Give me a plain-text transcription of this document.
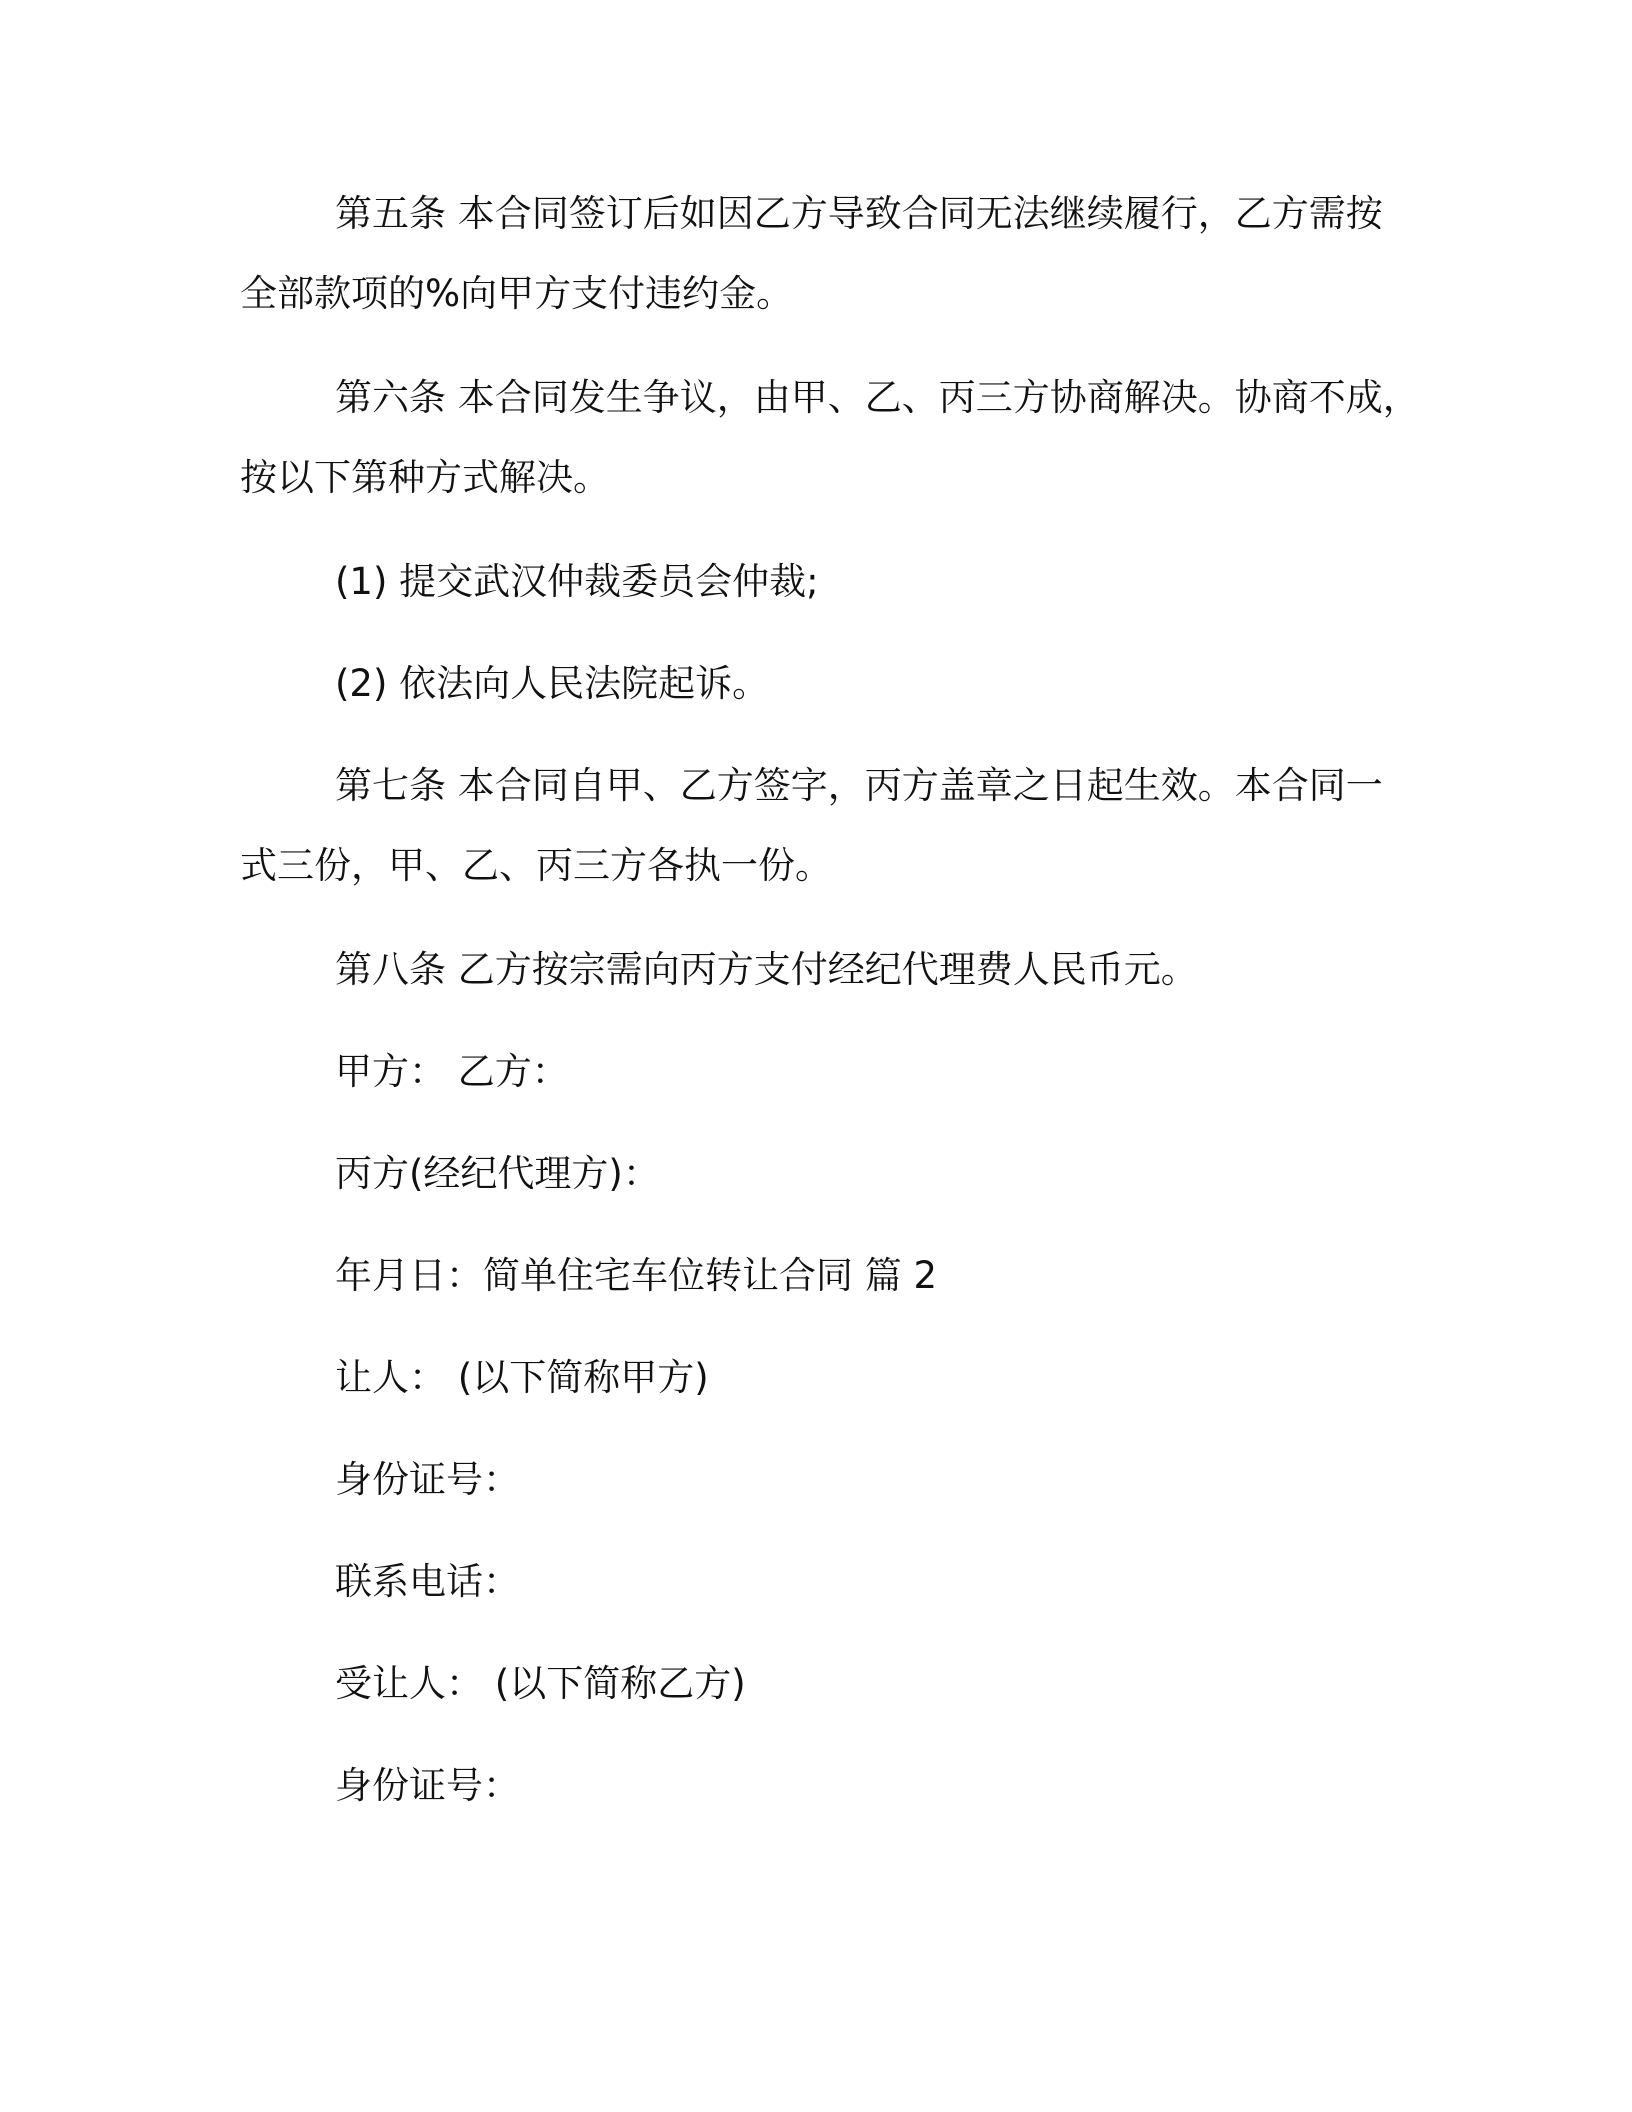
第五条 本合同签订后如因乙方导致合同无法继续履行，乙方需按
全部款项的%向甲方支付违约金。
第六条 本合同发生争议，由甲、乙、丙三方协商解决。协商不成，
按以下第种方式解决。
(1) 提交武汉仲裁委员会仲裁;
(2) 依法向人民法院起诉。
第七条 本合同自甲、乙方签字，丙方盖章之日起生效。本合同一
式三份，甲、乙、丙三方各执一份。
第八条 乙方按宗需向丙方支付经纪代理费人民币元。
甲方： 乙方：
丙方(经纪代理方)：
年月日：简单住宅车位转让合同 篇 2
让人： (以下简称甲方)
身份证号：
联系电话：
受让人： (以下简称乙方)
身份证号：
